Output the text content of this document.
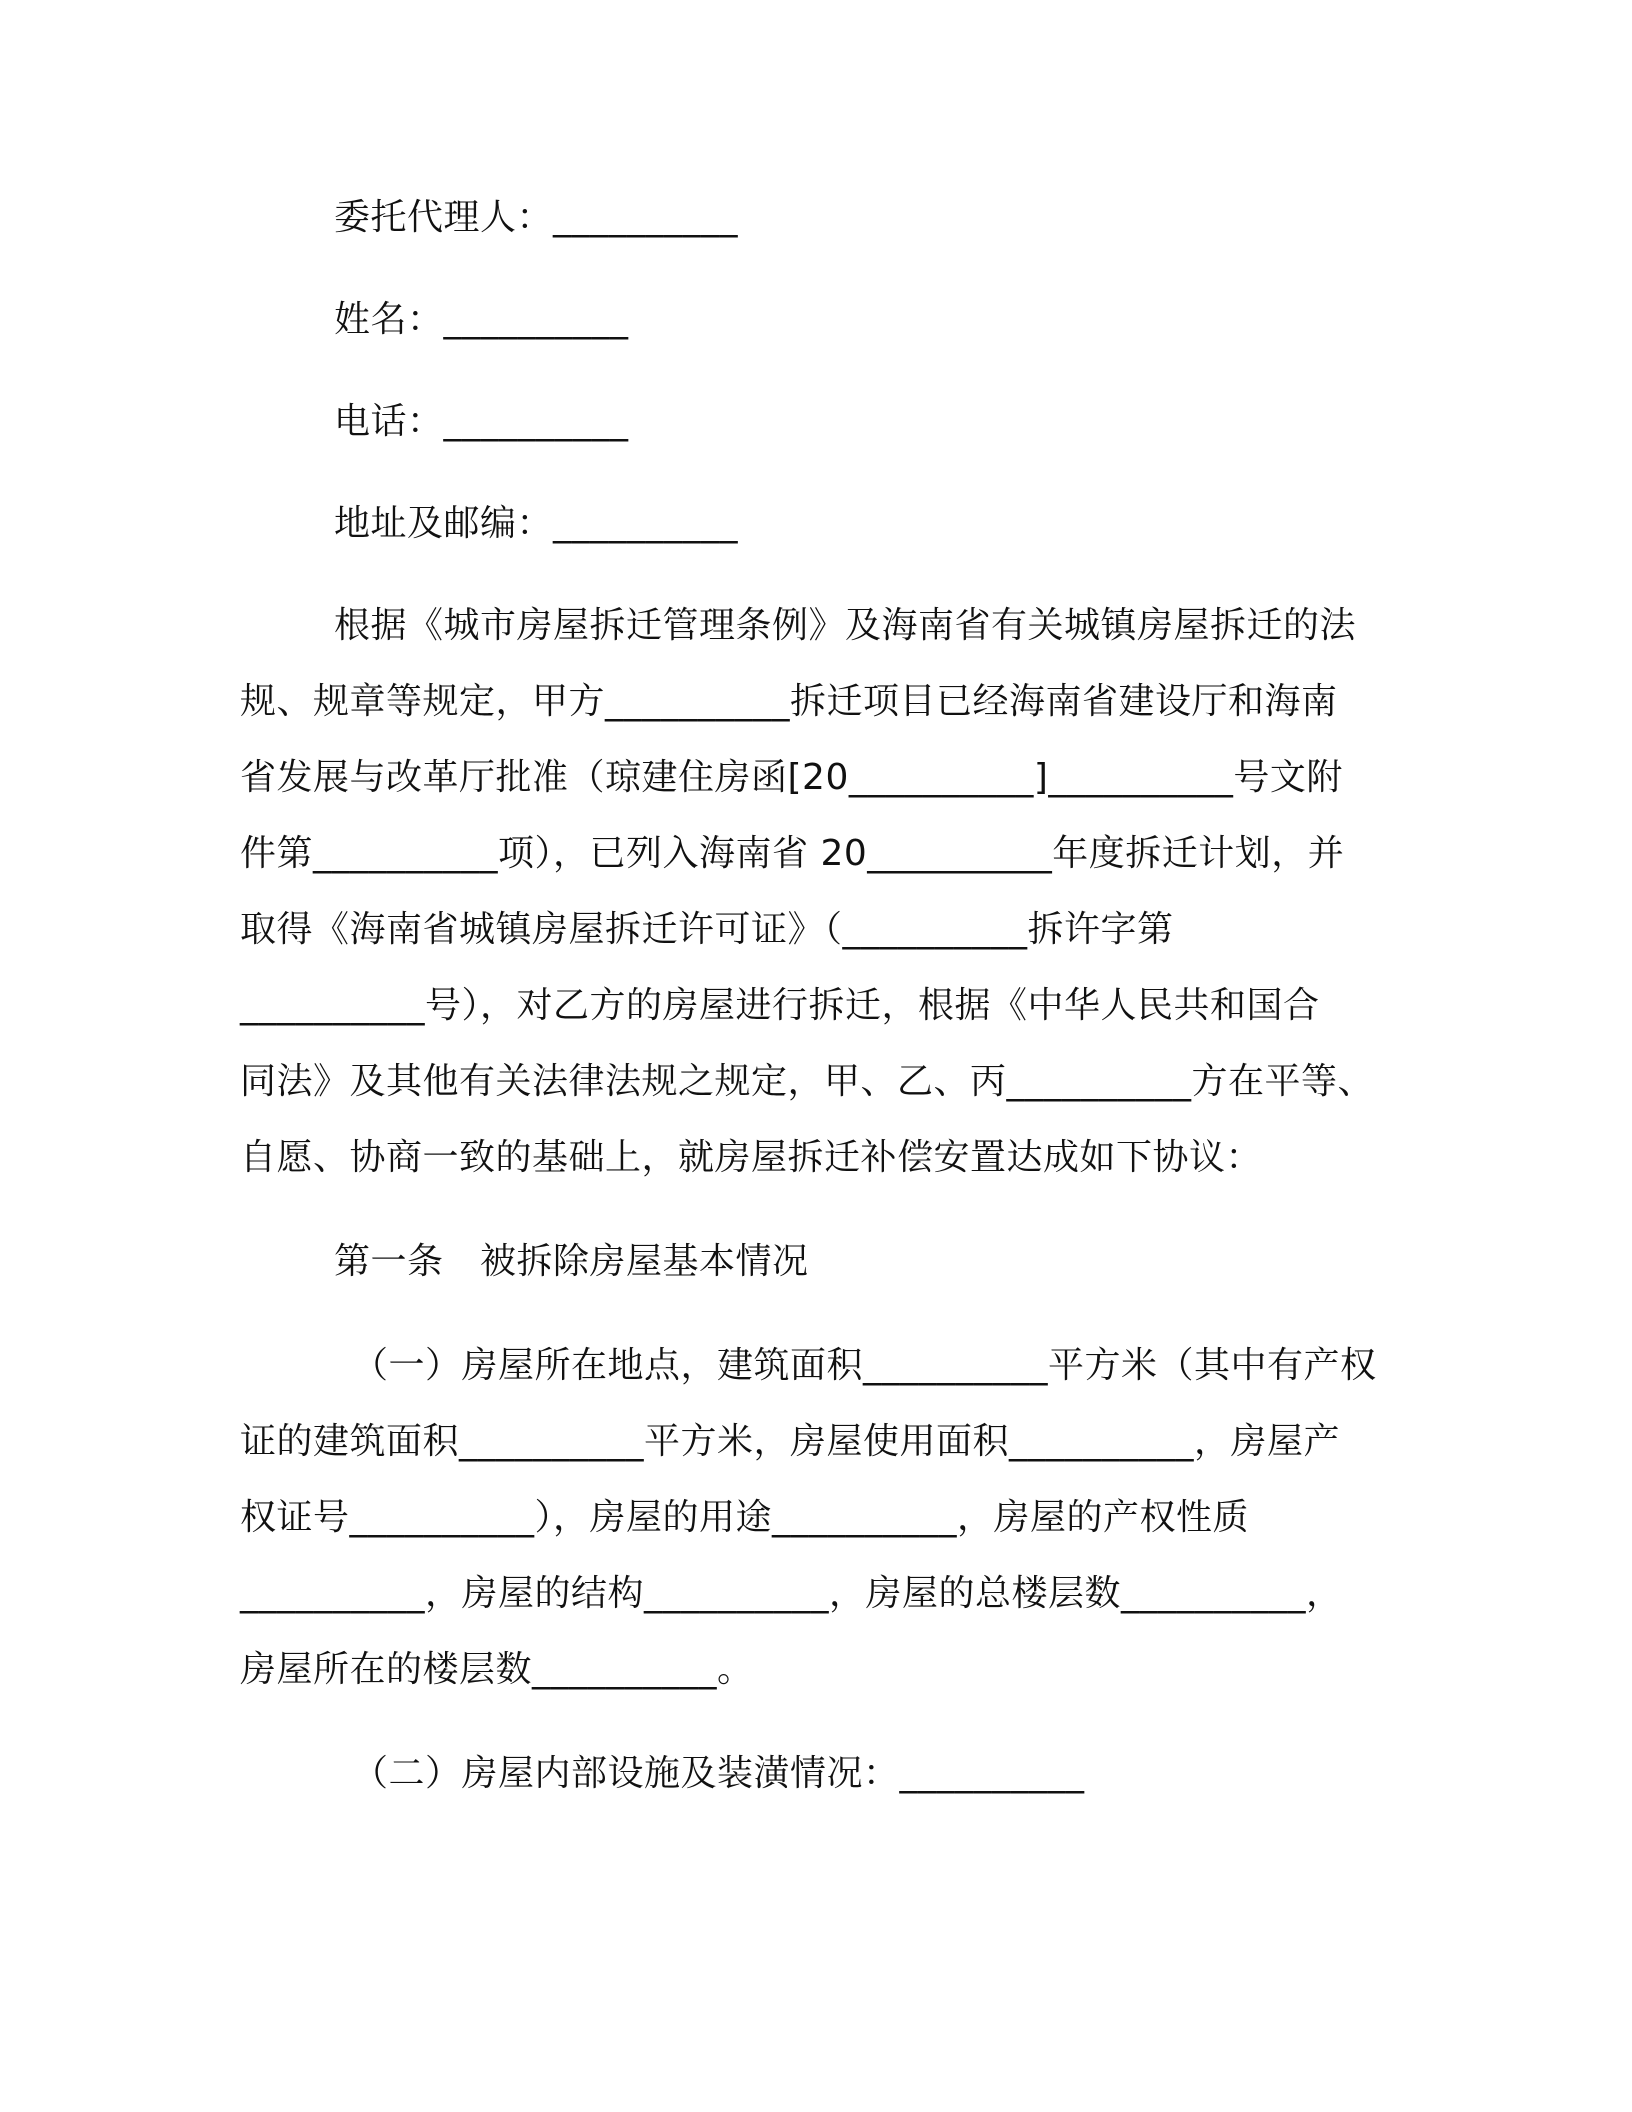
委托代理人：__________
姓名：__________
电话：__________
地址及邮编：__________
根据《城市房屋拆迁管理条例》及海南省有关城镇房屋拆迁的法
规、规章等规定，甲方__________拆迁项目已经海南省建设厅和海南
省发展与改革厅批准（琼建住房函[20__________]__________号文附
件第__________项），已列入海南省 20__________年度拆迁计划，并
取得《海南省城镇房屋拆迁许可证》（__________拆许字第
__________号），对乙方的房屋进行拆迁，根据《中华人民共和国合
同法》及其他有关法律法规之规定，甲、乙、丙__________方在平等、
自愿、协商一致的基础上，就房屋拆迁补偿安置达成如下协议：
第一条　被拆除房屋基本情况
（一）房屋所在地点，建筑面积__________平方米（其中有产权
证的建筑面积__________平方米，房屋使用面积__________，房屋产
权证号__________），房屋的用途__________，房屋的产权性质
__________，房屋的结构__________，房屋的总楼层数__________，
房屋所在的楼层数__________。
（二）房屋内部设施及装潢情况：__________
